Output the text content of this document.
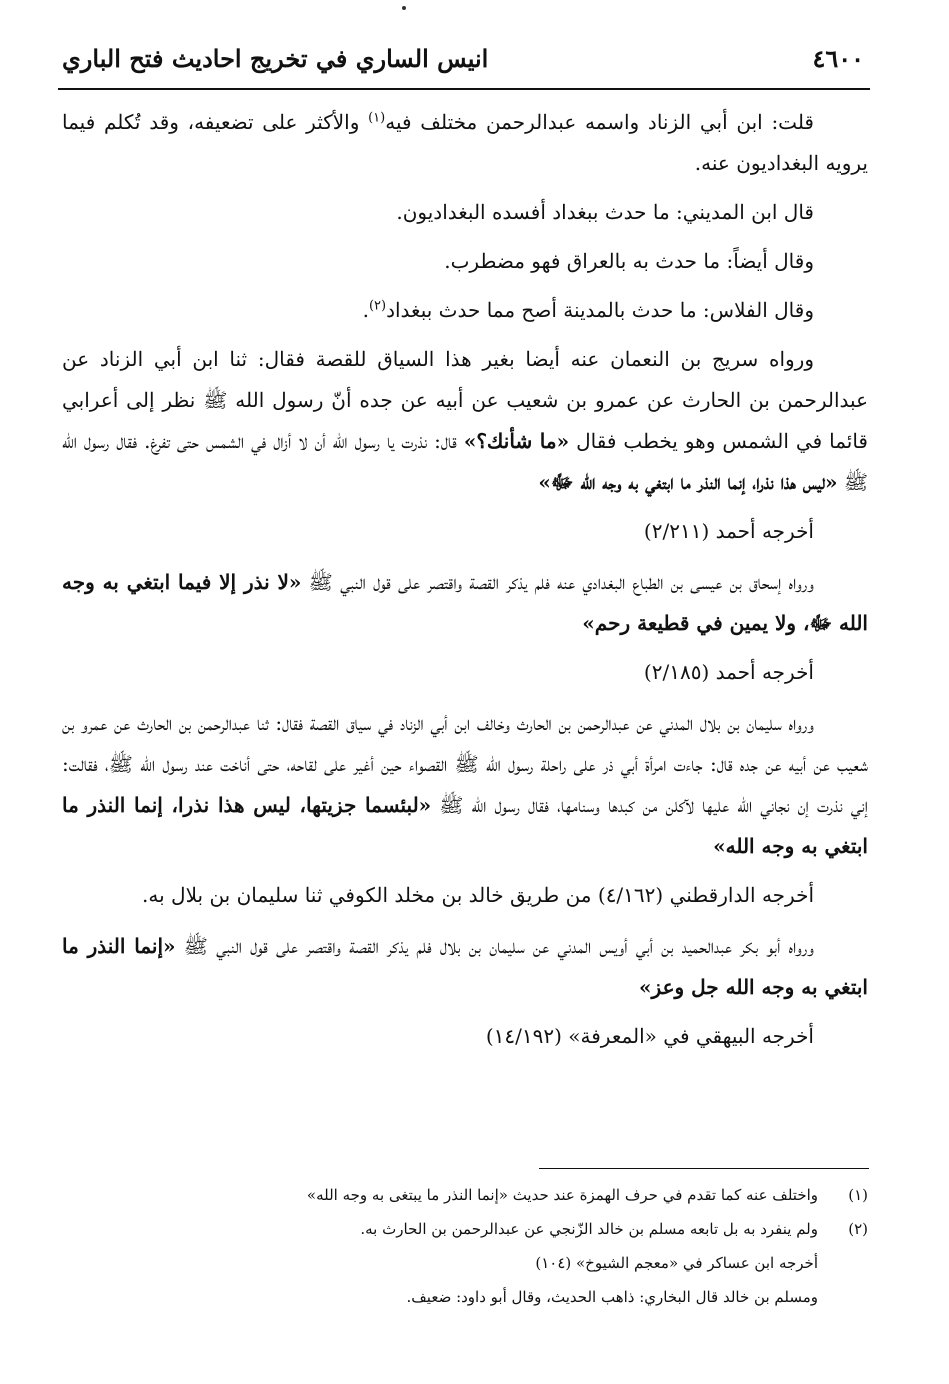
٤٦٠٠
انيس الساري في تخريج احاديث فتح الباري

قلت: ابن أبي الزناد واسمه عبدالرحمن مختلف فيه$^{(١)}$ والأكثر على تضعيفه، وقد تُكلم فيما يرويه البغداديون عنه.

قال ابن المديني: ما حدث ببغداد أفسده البغداديون.

وقال أيضاً: ما حدث به بالعراق فهو مضطرب.

وقال الفلاس: ما حدث بالمدينة أصح مما حدث ببغداد$^{(٢)}$.

ورواه سريج بن النعمان عنه أيضا بغير هذا السياق للقصة فقال: ثنا ابن أبي الزناد عن عبدالرحمن بن الحارث عن عمرو بن شعيب عن أبيه عن جده أنّ رسول الله ﷺ نظر إلى أعرابي قائما في الشمس وهو يخطب فقال «ما شأنك؟» قال: نذرت يا رسول الله أن لا أزال في الشمس حتى تفرغ. فقال رسول الله ﷺ «ليس هذا نذرا، إنما النذر ما ابتغي به وجه الله ﷻ»

أخرجه أحمد (٢/٢١١)

ورواه إسحاق بن عيسى بن الطباع البغدادي عنه فلم يذكر القصة واقتصر على قول النبي ﷺ «لا نذر إلا فيما ابتغي به وجه الله ﷻ، ولا يمين في قطيعة رحم»

أخرجه أحمد (٢/١٨٥)

ورواه سليمان بن بلال المدني عن عبدالرحمن بن الحارث وخالف ابن أبي الزناد في سياق القصة فقال: ثنا عبدالرحمن بن الحارث عن عمرو بن شعيب عن أبيه عن جده قال: جاءت امرأة أبي ذر على راحلة رسول الله ﷺ القصواء حين أغير على لقاحه، حتى أناخت عند رسول الله ﷺ، فقالت: إني نذرت إن نجاني الله عليها لآكلن من كبدها وسنامها، فقال رسول الله ﷺ «لبئسما جزيتها، ليس هذا نذرا، إنما النذر ما ابتغي به وجه الله»

أخرجه الدارقطني (٤/١٦٢) من طريق خالد بن مخلد الكوفي ثنا سليمان بن بلال به.

ورواه أبو بكر عبدالحميد بن أبي أويس المدني عن سليمان بن بلال فلم يذكر القصة واقتصر على قول النبي ﷺ «إنما النذر ما ابتغي به وجه الله جل وعز»

أخرجه البيهقي في «المعرفة» (١٤/١٩٢)

(١)
واختلف عنه كما تقدم في حرف الهمزة عند حديث «إنما النذر ما يبتغى به وجه الله»
(٢)
ولم ينفرد به بل تابعه مسلم بن خالد الزّنجي عن عبدالرحمن بن الحارث به.
أخرجه ابن عساكر في «معجم الشيوخ» (١٠٤)
ومسلم بن خالد قال البخاري: ذاهب الحديث، وقال أبو داود: ضعيف.
